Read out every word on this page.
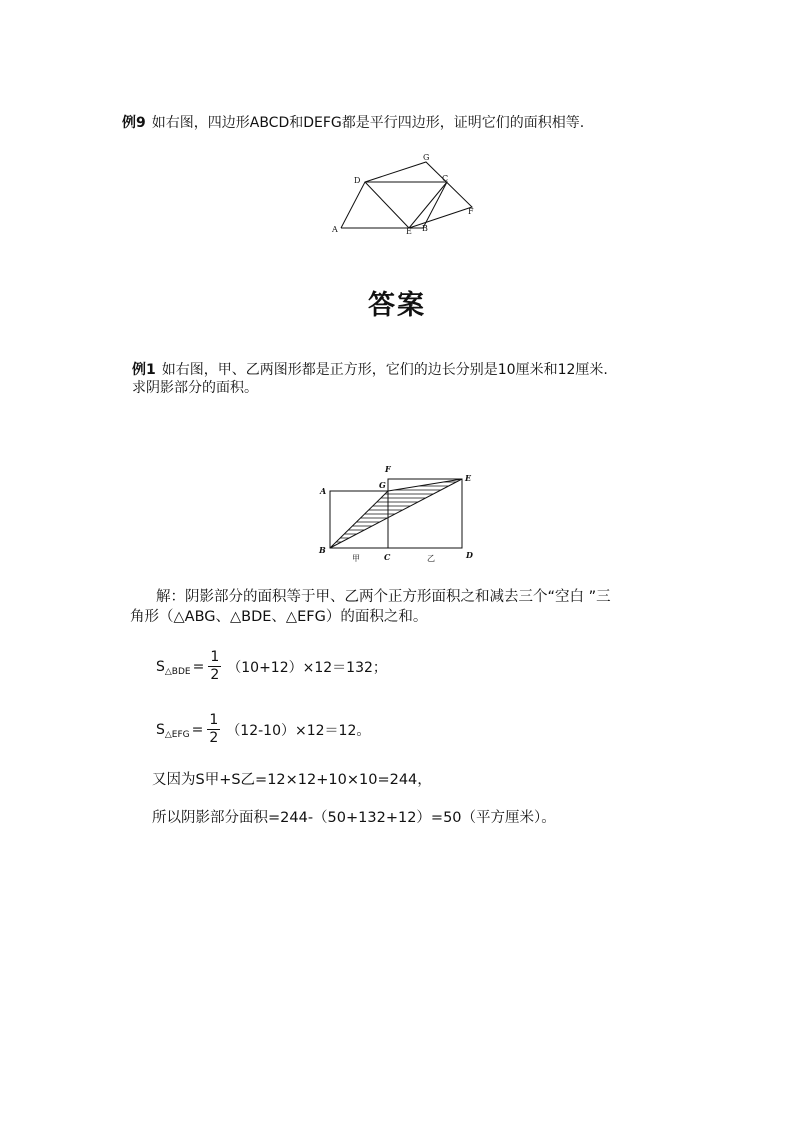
例9 如右图，四边形ABCD和DEFG都是平行四边形，证明它们的面积相等.
A
D
G
C
F
E B
答案
例1 如右图，甲、乙两图形都是正方形，它们的边长分别是10厘米和12厘米.
求阴影部分的面积。
F
G
E
A
B
C	D
甲	乙
解：阴影部分的面积等于甲、乙两个正方形面积之和减去三个“空白 ”三
角形（△ABG、△BDE、△EFG）的面积之和。
S △BDE = $\frac{1}{2} (10+12)\times 12=132$；
S △EFG = $\frac{1}{2} (12-10)\times 12=12$。
又因为S甲+S乙=12×12+10×10=244，
所以阴影部分面积=244-（50+132+12）=50（平方厘米）。
